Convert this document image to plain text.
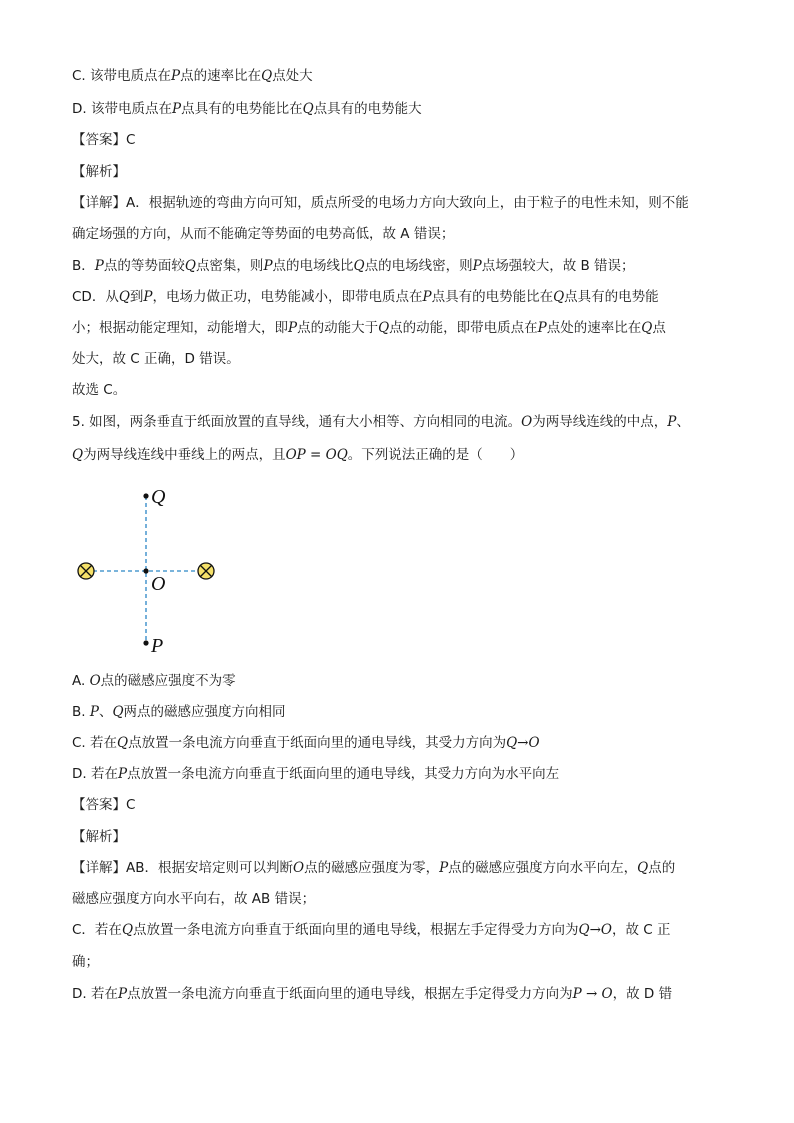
C. 该带电质点在P点的速率比在Q点处大
D. 该带电质点在P点具有的电势能比在Q点具有的电势能大
【答案】C
【解析】
【详解】A．根据轨迹的弯曲方向可知，质点所受的电场力方向大致向上，由于粒子的电性未知，则不能
确定场强的方向，从而不能确定等势面的电势高低，故 A 错误；
B．P点的等势面较Q点密集，则P点的电场线比Q点的电场线密，则P点场强较大，故 B 错误；
CD．从Q到P，电场力做正功，电势能减小，即带电质点在P点具有的电势能比在Q点具有的电势能
小；根据动能定理知，动能增大，即P点的动能大于Q点的动能，即带电质点在P点处的速率比在Q点
处大，故 C 正确，D 错误。
故选 C。
5. 如图，两条垂直于纸面放置的直导线，通有大小相等、方向相同的电流。O为两导线连线的中点，P、
Q为两导线连线中垂线上的两点，且OP = OQ。下列说法正确的是（　　）
A. O点的磁感应强度不为零
B. P、Q两点的磁感应强度方向相同
C. 若在Q点放置一条电流方向垂直于纸面向里的通电导线，其受力方向为Q→O
D. 若在P点放置一条电流方向垂直于纸面向里的通电导线，其受力方向为水平向左
【答案】C
【解析】
【详解】AB．根据安培定则可以判断O点的磁感应强度为零，P点的磁感应强度方向水平向左，Q点的
磁感应强度方向水平向右，故 AB 错误；
C．若在Q点放置一条电流方向垂直于纸面向里的通电导线，根据左手定得受力方向为Q→O，故 C 正
确；
D. 若在P点放置一条电流方向垂直于纸面向里的通电导线，根据左手定得受力方向为P → O，故 D 错
Q
O
P
